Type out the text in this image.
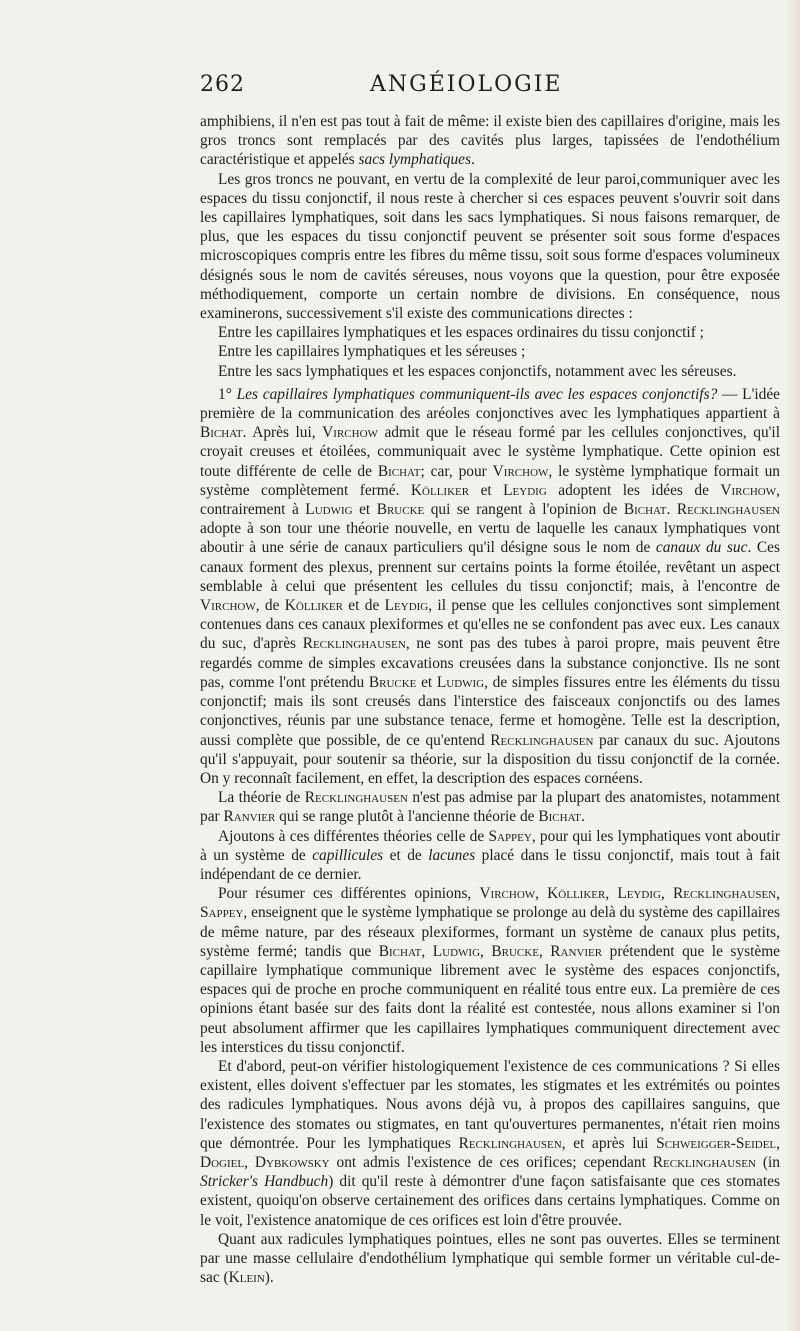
262	ANGÉIOLOGIE

amphibiens, il n'en est pas tout à fait de même: il existe bien des capillaires d'origine, mais les gros troncs sont remplacés par des cavités plus larges, tapissées de l'endothélium caractéristique et appelés sacs lymphatiques.

Les gros troncs ne pouvant, en vertu de la complexité de leur paroi,communiquer avec les espaces du tissu conjonctif, il nous reste à chercher si ces espaces peuvent s'ouvrir soit dans les capillaires lymphatiques, soit dans les sacs lymphatiques. Si nous faisons remarquer, de plus, que les espaces du tissu conjonctif peuvent se présenter soit sous forme d'espaces microscopiques compris entre les fibres du même tissu, soit sous forme d'espaces volumineux désignés sous le nom de cavités séreuses, nous voyons que la question, pour être exposée méthodiquement, comporte un certain nombre de divisions. En conséquence, nous examinerons, successivement s'il existe des communications directes :

Entre les capillaires lymphatiques et les espaces ordinaires du tissu conjonctif ;

Entre les capillaires lymphatiques et les séreuses ;

Entre les sacs lymphatiques et les espaces conjonctifs, notamment avec les séreuses.

1° Les capillaires lymphatiques communiquent-ils avec les espaces conjonctifs? — L'idée première de la communication des aréoles conjonctives avec les lymphatiques appartient à Bichat. Après lui, Virchow admit que le réseau formé par les cellules conjonctives, qu'il croyait creuses et étoilées, communiquait avec le système lymphatique. Cette opinion est toute différente de celle de Bichat; car, pour Virchow, le système lymphatique formait un système complètement fermé. Kölliker et Leydig adoptent les idées de Virchow, contrairement à Ludwig et Brucke qui se rangent à l'opinion de Bichat. Recklinghausen adopte à son tour une théorie nouvelle, en vertu de laquelle les canaux lymphatiques vont aboutir à une série de canaux particuliers qu'il désigne sous le nom de canaux du suc. Ces canaux forment des plexus, prennent sur certains points la forme étoilée, revêtant un aspect semblable à celui que présentent les cellules du tissu conjonctif; mais, à l'encontre de Virchow, de Kölliker et de Leydig, il pense que les cellules conjonctives sont simplement contenues dans ces canaux plexiformes et qu'elles ne se confondent pas avec eux. Les canaux du suc, d'après Recklinghausen, ne sont pas des tubes à paroi propre, mais peuvent être regardés comme de simples excavations creusées dans la substance conjonctive. Ils ne sont pas, comme l'ont prétendu Brucke et Ludwig, de simples fissures entre les éléments du tissu conjonctif; mais ils sont creusés dans l'interstice des faisceaux conjonctifs ou des lames conjonctives, réunis par une substance tenace, ferme et homogène. Telle est la description, aussi complète que possible, de ce qu'entend Recklinghausen par canaux du suc. Ajoutons qu'il s'appuyait, pour soutenir sa théorie, sur la disposition du tissu conjonctif de la cornée. On y reconnaît facilement, en effet, la description des espaces cornéens.

La théorie de Recklinghausen n'est pas admise par la plupart des anatomistes, notamment par Ranvier qui se range plutôt à l'ancienne théorie de Bichat.

Ajoutons à ces différentes théories celle de Sappey, pour qui les lymphatiques vont aboutir à un système de capillicules et de lacunes placé dans le tissu conjonctif, mais tout à fait indépendant de ce dernier.

Pour résumer ces différentes opinions, Virchow, Kölliker, Leydig, Recklinghausen, Sappey, enseignent que le système lymphatique se prolonge au delà du système des capillaires de même nature, par des réseaux plexiformes, formant un système de canaux plus petits, système fermé; tandis que Bichat, Ludwig, Brucke, Ranvier prétendent que le système capillaire lymphatique communique librement avec le système des espaces conjonctifs, espaces qui de proche en proche communiquent en réalité tous entre eux. La première de ces opinions étant basée sur des faits dont la réalité est contestée, nous allons examiner si l'on peut absolument affirmer que les capillaires lymphatiques communiquent directement avec les interstices du tissu conjonctif.

Et d'abord, peut-on vérifier histologiquement l'existence de ces communications ? Si elles existent, elles doivent s'effectuer par les stomates, les stigmates et les extrémités ou pointes des radicules lymphatiques. Nous avons déjà vu, à propos des capillaires sanguins, que l'existence des stomates ou stigmates, en tant qu'ouvertures permanentes, n'était rien moins que démontrée. Pour les lymphatiques Recklinghausen, et après lui Schweigger-Seidel, Dogiel, Dybkowsky ont admis l'existence de ces orifices; cependant Recklinghausen (in Stricker's Handbuch) dit qu'il reste à démontrer d'une façon satisfaisante que ces stomates existent, quoiqu'on observe certainement des orifices dans certains lymphatiques. Comme on le voit, l'existence anatomique de ces orifices est loin d'être prouvée.

Quant aux radicules lymphatiques pointues, elles ne sont pas ouvertes. Elles se terminent par une masse cellulaire d'endothélium lymphatique qui semble former un véritable cul-de-sac (Klein).
